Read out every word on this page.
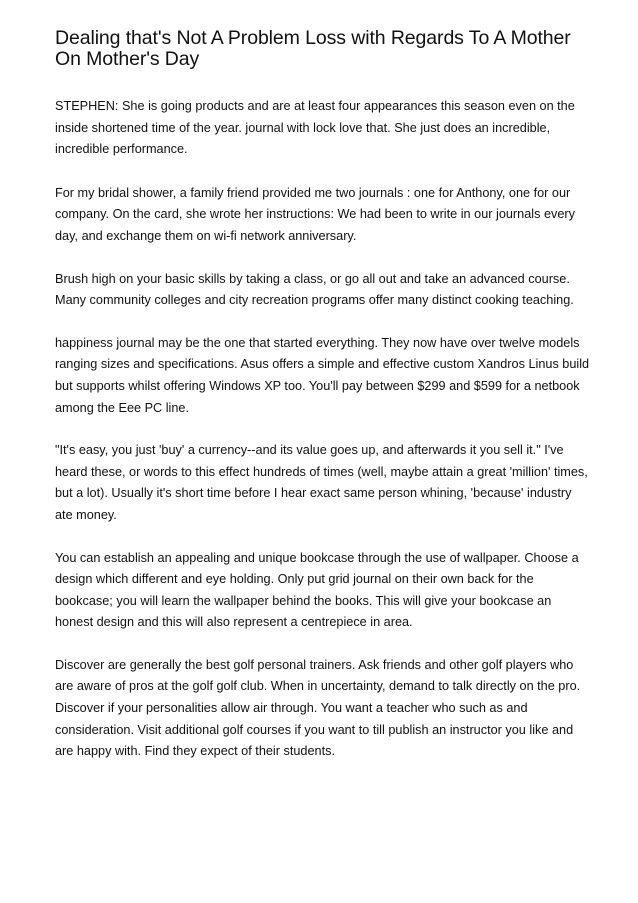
Dealing that's Not A Problem Loss with Regards To A Mother
On Mother's Day

STEPHEN: She is going products and are at least four appearances this season even on the inside shortened time of the year. journal with lock love that. She just does an incredible, incredible performance.

For my bridal shower, a family friend provided me two journals : one for Anthony, one for our company. On the card, she wrote her instructions: We had been to write in our journals every day, and exchange them on wi-fi network anniversary.

Brush high on your basic skills by taking a class, or go all out and take an advanced course. Many community colleges and city recreation programs offer many distinct cooking teaching.

happiness journal may be the one that started everything. They now have over twelve models ranging sizes and specifications. Asus offers a simple and effective custom Xandros Linus build but supports whilst offering Windows XP too. You'll pay between $299 and $599 for a netbook among the Eee PC line.

"It's easy, you just 'buy' a currency--and its value goes up, and afterwards it you sell it." I've heard these, or words to this effect hundreds of times (well, maybe attain a great 'million' times, but a lot). Usually it's short time before I hear exact same person whining, 'because' industry ate money.

You can establish an appealing and unique bookcase through the use of wallpaper. Choose a design which different and eye holding. Only put grid journal on their own back for the bookcase; you will learn the wallpaper behind the books. This will give your bookcase an honest design and this will also represent a centrepiece in area.

Discover are generally the best golf personal trainers. Ask friends and other golf players who are aware of pros at the golf golf club. When in uncertainty, demand to talk directly on the pro. Discover if your personalities allow air through. You want a teacher who such as and consideration. Visit additional golf courses if you want to till publish an instructor you like and are happy with. Find they expect of their students.
